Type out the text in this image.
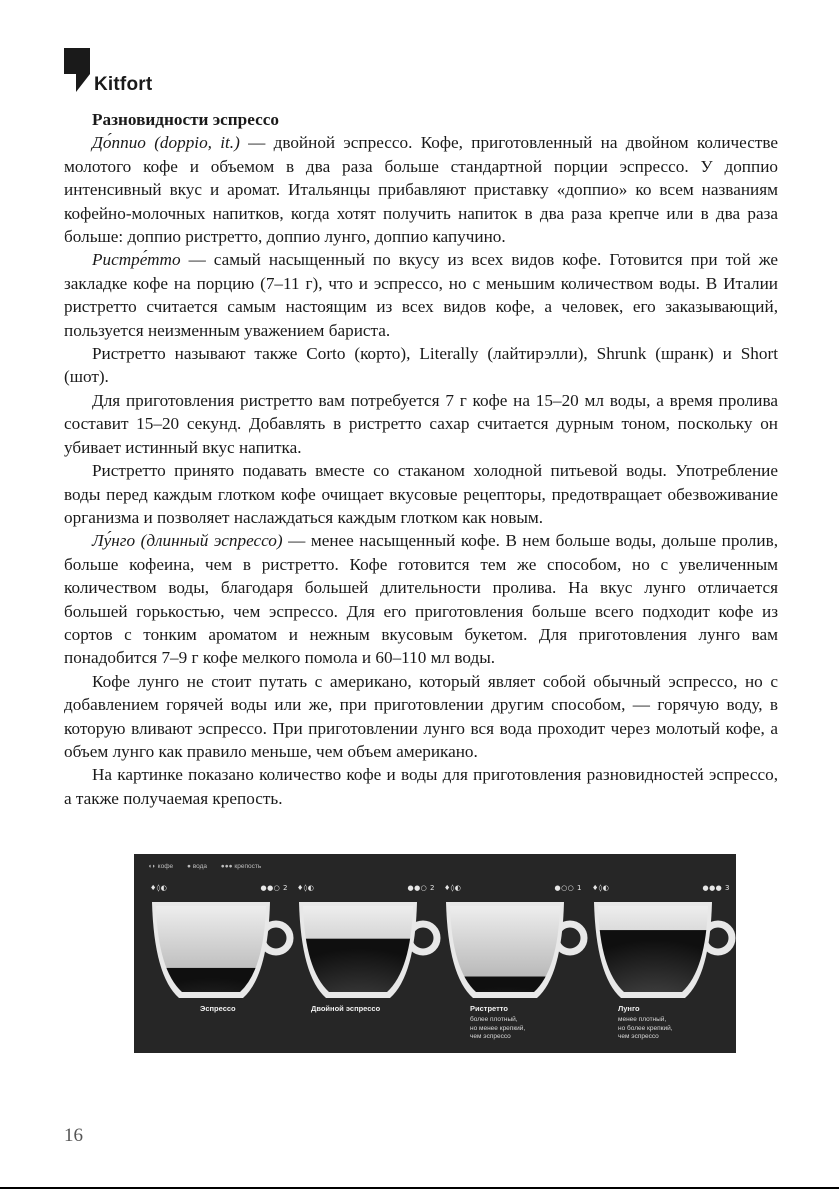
Kitfort
Разновидности эспрессо

До́ппио (doppio, it.) — двойной эспрессо. Кофе, приготовленный на двойном количестве молотого кофе и объемом в два раза больше стандартной порции эспрессо. У доппио интенсивный вкус и аромат. Итальянцы прибавляют приставку «доппио» ко всем названиям кофейно-молочных напитков, когда хотят получить напиток в два раза крепче или в два раза больше: доппио ристретто, доппио лунго, доппио капучино.

Ристре́тто — самый насыщенный по вкусу из всех видов кофе. Готовится при той же закладке кофе на порцию (7–11 г), что и эспрессо, но с меньшим количеством воды. В Италии ристретто считается самым настоящим из всех видов кофе, а человек, его заказывающий, пользуется неизменным уважением бариста.

Ристретто называют также Corto (корто), Literally (лайтирэлли), Shrunk (шранк) и Short (шот).

Для приготовления ристретто вам потребуется 7 г кофе на 15–20 мл воды, а время пролива составит 15–20 секунд. Добавлять в ристретто сахар считается дурным тоном, поскольку он убивает истинный вкус напитка.

Ристретто принято подавать вместе со стаканом холодной питьевой воды. Употребление воды перед каждым глотком кофе очищает вкусовые рецепторы, предотвращает обезвоживание организма и позволяет наслаждаться каждым глотком как новым.

Лу́нго (длинный эспрессо) — менее насыщенный кофе. В нем больше воды, дольше пролив, больше кофеина, чем в ристретто. Кофе готовится тем же способом, но с увеличенным количеством воды, благодаря большей длительности пролива. На вкус лунго отличается большей горькостью, чем эспрессо. Для его приготовления больше всего подходит кофе из сортов с тонким ароматом и нежным вкусовым букетом. Для приготовления лунго вам понадобится 7–9 г кофе мелкого помола и 60–110 мл воды.

Кофе лунго не стоит путать с американо, который являет собой обычный эспрессо, но с добавлением горячей воды или же, при приготовлении другим способом, — горячую воду, в которую вливают эспрессо. При приготовлении лунго вся вода проходит через молотый кофе, а объем лунго как правило меньше, чем объем американо.

На картинке показано количество кофе и воды для приготовления разновидностей эспрессо, а также получаемая крепость.

◖◗ кофе ● вода ●●● крепость
♦◊◐	●●○ 2
Эспрессо
♦◊◐	●●○ 2
Двойной эспрессо
♦◊◐	●○○ 1
Ристретто
более плотный,
но менее крепкий,
чем эспрессо
♦◊◐	●●● 3
Лунго
менее плотный,
но более крепкий,
чем эспрессо
16
